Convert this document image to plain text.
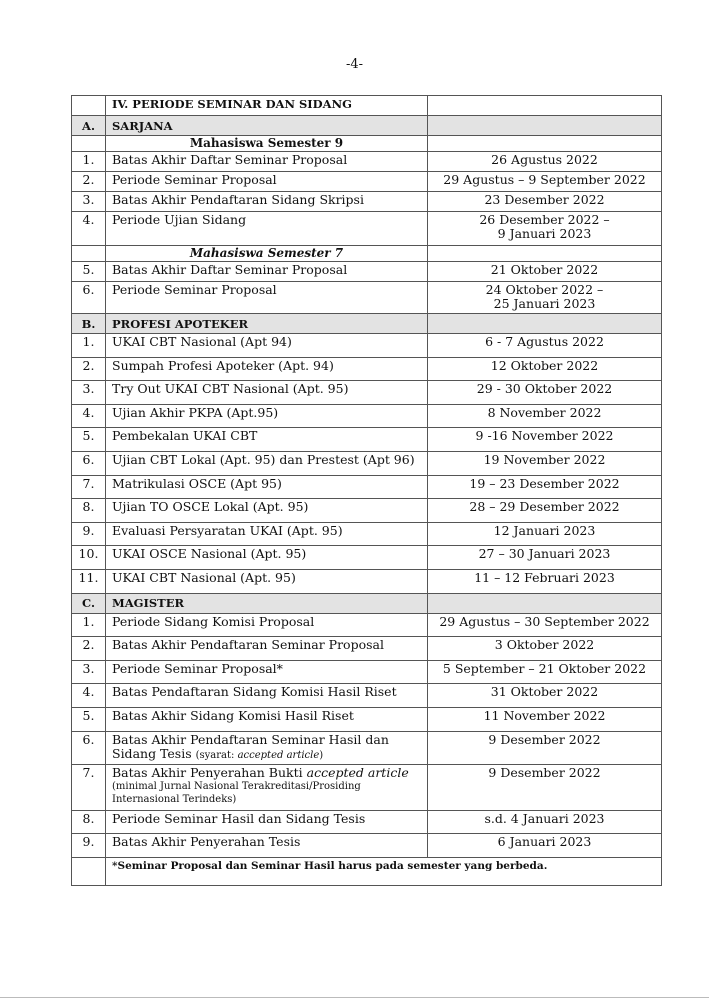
-4-
	IV. PERIODE SEMINAR DAN SIDANG	
A.	SARJANA	
	Mahasiswa Semester 9	
1.	Batas Akhir Daftar Seminar Proposal	26 Agustus 2022
2.	Periode Seminar Proposal	29 Agustus – 9 September 2022
3.	Batas Akhir Pendaftaran Sidang Skripsi	23 Desember 2022
4.	Periode Ujian Sidang	26 Desember 2022 –
9 Januari 2023

	Mahasiswa Semester 7	
5.	Batas Akhir Daftar Seminar Proposal	21 Oktober 2022
6.	Periode Seminar Proposal	24 Oktober 2022 –
25 Januari 2023

B.	PROFESI APOTEKER	
1.	UKAI CBT Nasional (Apt 94)	6 - 7 Agustus 2022
2.	Sumpah Profesi Apoteker (Apt. 94)	12 Oktober 2022
3.	Try Out UKAI CBT Nasional (Apt. 95)	29 - 30 Oktober 2022
4.	Ujian Akhir PKPA (Apt.95)	8 November 2022
5.	Pembekalan UKAI CBT	9 -16 November 2022
6.	Ujian CBT Lokal (Apt. 95) dan Prestest (Apt 96)	19 November 2022
7.	Matrikulasi OSCE (Apt 95)	19 – 23 Desember 2022
8.	Ujian TO OSCE Lokal (Apt. 95)	28 – 29 Desember 2022
9.	Evaluasi Persyaratan UKAI (Apt. 95)	12 Januari 2023
10.	UKAI OSCE Nasional (Apt. 95)	27 – 30 Januari 2023
11.	UKAI CBT Nasional (Apt. 95)	11 – 12 Februari 2023
C.	MAGISTER	
1.	Periode Sidang Komisi Proposal	29 Agustus – 30 September 2022
2.	Batas Akhir Pendaftaran Seminar Proposal	3 Oktober 2022
3.	Periode Seminar Proposal*	5 September – 21 Oktober 2022
4.	Batas Pendaftaran Sidang Komisi Hasil Riset	31 Oktober 2022
5.	Batas Akhir Sidang Komisi Hasil Riset	11 November 2022
6.	Batas Akhir Pendaftaran Seminar Hasil dan
Sidang Tesis (syarat: accepted article)	9 Desember 2022
7.	Batas Akhir Penyerahan Bukti accepted article
(minimal Jurnal Nasional Terakreditasi/Prosiding Internasional Terindeks)	9 Desember 2022
8.	Periode Seminar Hasil dan Sidang Tesis	s.d. 4 Januari 2023
9.	Batas Akhir Penyerahan Tesis	6 Januari 2023
	*Seminar Proposal dan Seminar Hasil harus pada semester yang berbeda.	
